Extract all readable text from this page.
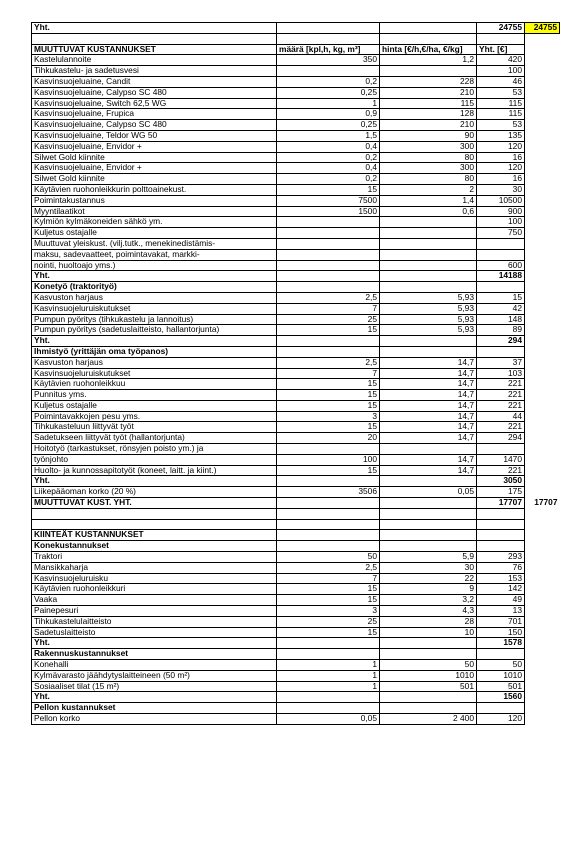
Yht.			24755	24755

MUUTTUVAT KUSTANNUKSET	määrä [kpl,h, kg, m³]	hinta [€/h,€/ha, €/kg]	Yht. [€]	
Kastelulannoite	350	1,2	420	
Tihkukastelu- ja sadetusvesi			100	
Kasvinsuojeluaine, Candit	0,2	228	46	
Kasvinsuojeluaine, Calypso SC 480	0,25	210	53	
Kasvinsuojeluaine, Switch 62,5 WG	1	115	115	
Kasvinsuojeluaine, Frupica	0,9	128	115	
Kasvinsuojeluaine, Calypso SC 480	0,25	210	53	
Kasvinsuojeluaine, Teldor WG 50	1,5	90	135	
Kasvinsuojeluaine, Envidor +	0,4	300	120	
Silwet Gold kiinnite	0,2	80	16	
Kasvinsuojeluaine, Envidor +	0,4	300	120	
Silwet Gold kiinnite	0,2	80	16	
Käytävien ruohonleikkurin polttoainekust.	15	2	30	
Poimintakustannus	7500	1,4	10500	
Myyntilaatikot	1500	0,6	900	
Kylmiön kylmäkoneiden sähkö ym.			100	
Kuljetus ostajalle			750	
Muuttuvat yleiskust. (vilj.tutk., menekinedistämis-				
maksu, sadevaatteet, poimintavakat, markki-				
nointi, huoltoajo yms.)			600	
Yht.			14188	
Konetyö (traktorityö)				
Kasvuston harjaus	2,5	5,93	15	
Kasvinsuojeluruiskutukset	7	5,93	42	
Pumpun pyöritys (tihkukastelu ja lannoitus)	25	5,93	148	
Pumpun pyöritys (sadetuslaitteisto, hallantorjunta)	15	5,93	89	
Yht.			294	
Ihmistyö (yrittäjän oma työpanos)				
Kasvuston harjaus	2,5	14,7	37	
Kasvinsuojeluruiskutukset	7	14,7	103	
Käytävien ruohonleikkuu	15	14,7	221	
Punnitus yms.	15	14,7	221	
Kuljetus ostajalle	15	14,7	221	
Poimintavakkojen pesu yms.	3	14,7	44	
Tihkukasteluun liittyvät työt	15	14,7	221	
Sadetukseen liittyvät työt (hallantorjunta)	20	14,7	294	
Hoitotyö (tarkastukset, rönsyjen poisto ym.) ja				
työnjohto	100	14,7	1470	
Huolto- ja kunnossapitotyöt (koneet, laitt. ja kiint.)	15	14,7	221	
Yht.			3050	
Liikepääoman korko (20 %)	3506	0,05	175	
MUUTTUVAT KUST. YHT.			17707	17707

KIINTEÄT KUSTANNUKSET				
Konekustannukset				
Traktori	50	5,9	293	
Mansikkaharja	2,5	30	76	
Kasvinsuojeluruisku	7	22	153	
Käytävien ruohonleikkuri	15	9	142	
Vaaka	15	3,2	49	
Painepesuri	3	4,3	13	
Tihkukastelulaitteisto	25	28	701	
Sadetuslaitteisto	15	10	150	
Yht.			1578	
Rakennuskustannukset				
Konehalli	1	50	50	
Kylmävarasto jäähdytyslaitteineen (50 m²)	1	1010	1010	
Sosiaaliset tilat (15 m²)	1	501	501	
Yht.			1560	
Pellon kustannukset				
Pellon korko	0,05	2 400	120	
